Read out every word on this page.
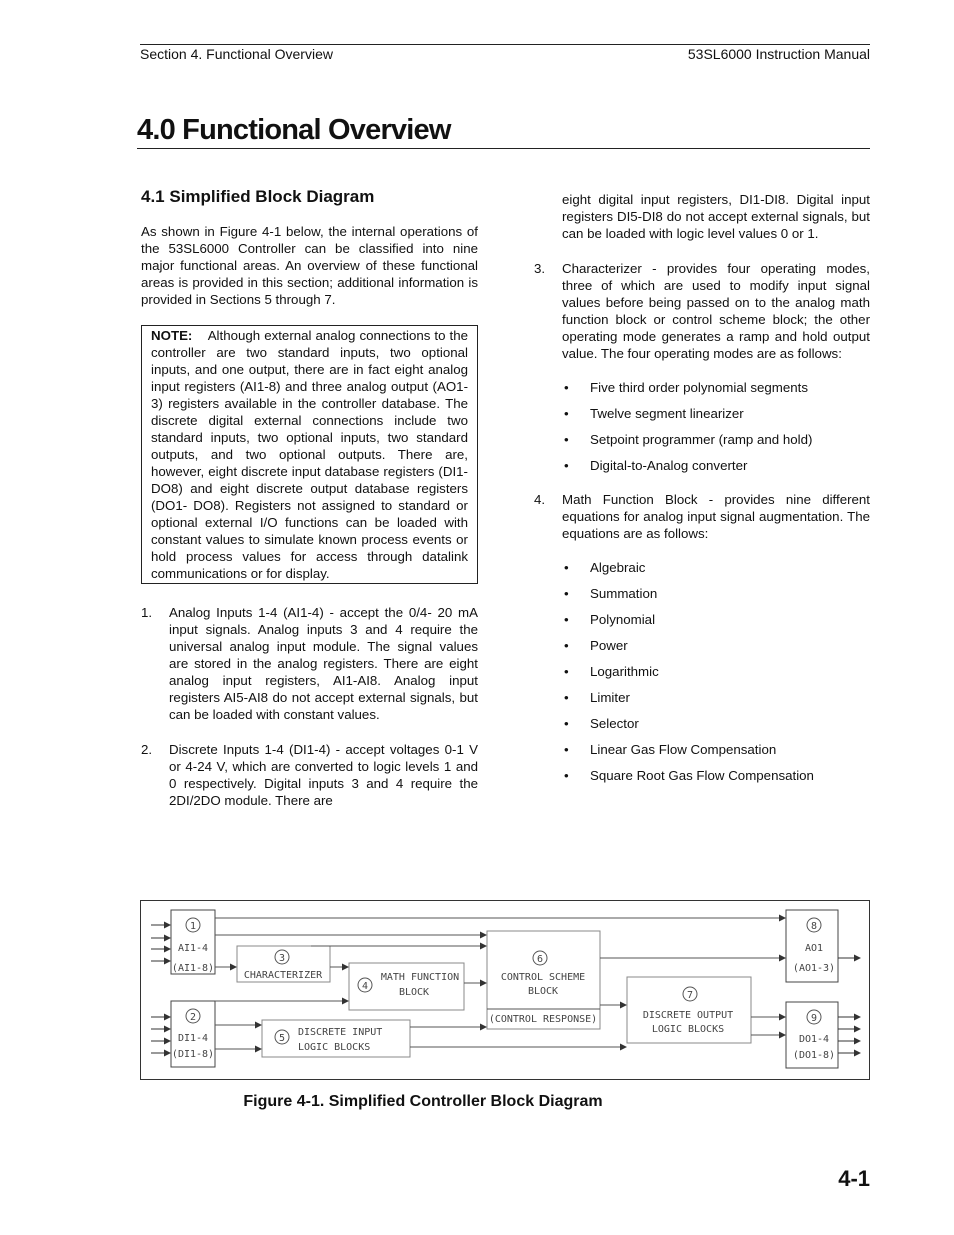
Section 4. Functional Overview	53SL6000 Instruction Manual
4.0 Functional Overview
4.1 Simplified Block Diagram

As shown in Figure 4-1 below, the internal operations of the 53SL6000 Controller can be classified into nine major functional areas. An overview of these functional areas is provided in this section; additional information is provided in Sections 5 through 7.

NOTE: Although external analog connections to the controller are two standard inputs, two optional inputs, and one output, there are in fact eight analog input registers (AI1-8) and three analog output (AO1-3) registers available in the controller database. The discrete digital external connections include two standard inputs, two optional inputs, two standard outputs, and two optional outputs. There are, however, eight discrete input database registers (DI1- DO8) and eight discrete output database registers (DO1- DO8). Registers not assigned to standard or optional external I/O functions can be loaded with constant values to simulate known process events or hold process values for access through datalink communications or for display.
1. Analog Inputs 1-4 (AI1-4) - accept the 0/4- 20 mA input signals. Analog inputs 3 and 4 require the universal analog input module. The signal values are stored in the analog registers. There are eight analog input registers, AI1-AI8. Analog input registers AI5-AI8 do not accept external signals, but can be loaded with constant values.
2. Discrete Inputs 1-4 (DI1-4) - accept voltages 0-1 V or 4-24 V, which are converted to logic levels 1 and 0 respectively. Digital inputs 3 and 4 require the 2DI/2DO module. There are
eight digital input registers, DI1-DI8. Digital input registers DI5-DI8 do not accept external signals, but can be loaded with logic level values 0 or 1.
3. Characterizer - provides four operating modes, three of which are used to modify input signal values before being passed on to the analog math function block or control scheme block; the other operating mode generates a ramp and hold output value. The four operating modes are as follows:
• Five third order polynomial segments
• Twelve segment linearizer
• Setpoint programmer (ramp and hold)
• Digital-to-Analog converter
4. Math Function Block - provides nine different equations for analog input signal augmentation. The equations are as follows:
• Algebraic
• Summation
• Polynomial
• Power
• Logarithmic
• Limiter
• Selector
• Linear Gas Flow Compensation
• Square Root Gas Flow Compensation
1
AI1-4
(AI1-8)
2
DI1-4
(DI1-8)
3
CHARACTERIZER
4
MATH FUNCTION
BLOCK
5
DISCRETE INPUT
LOGIC BLOCKS
6
CONTROL SCHEME
BLOCK
(CONTROL RESPONSE)
7
DISCRETE OUTPUT
LOGIC BLOCKS
8
AO1
(AO1-3)
9
DO1-4
(DO1-8)
Figure 4-1. Simplified Controller Block Diagram
4-1
